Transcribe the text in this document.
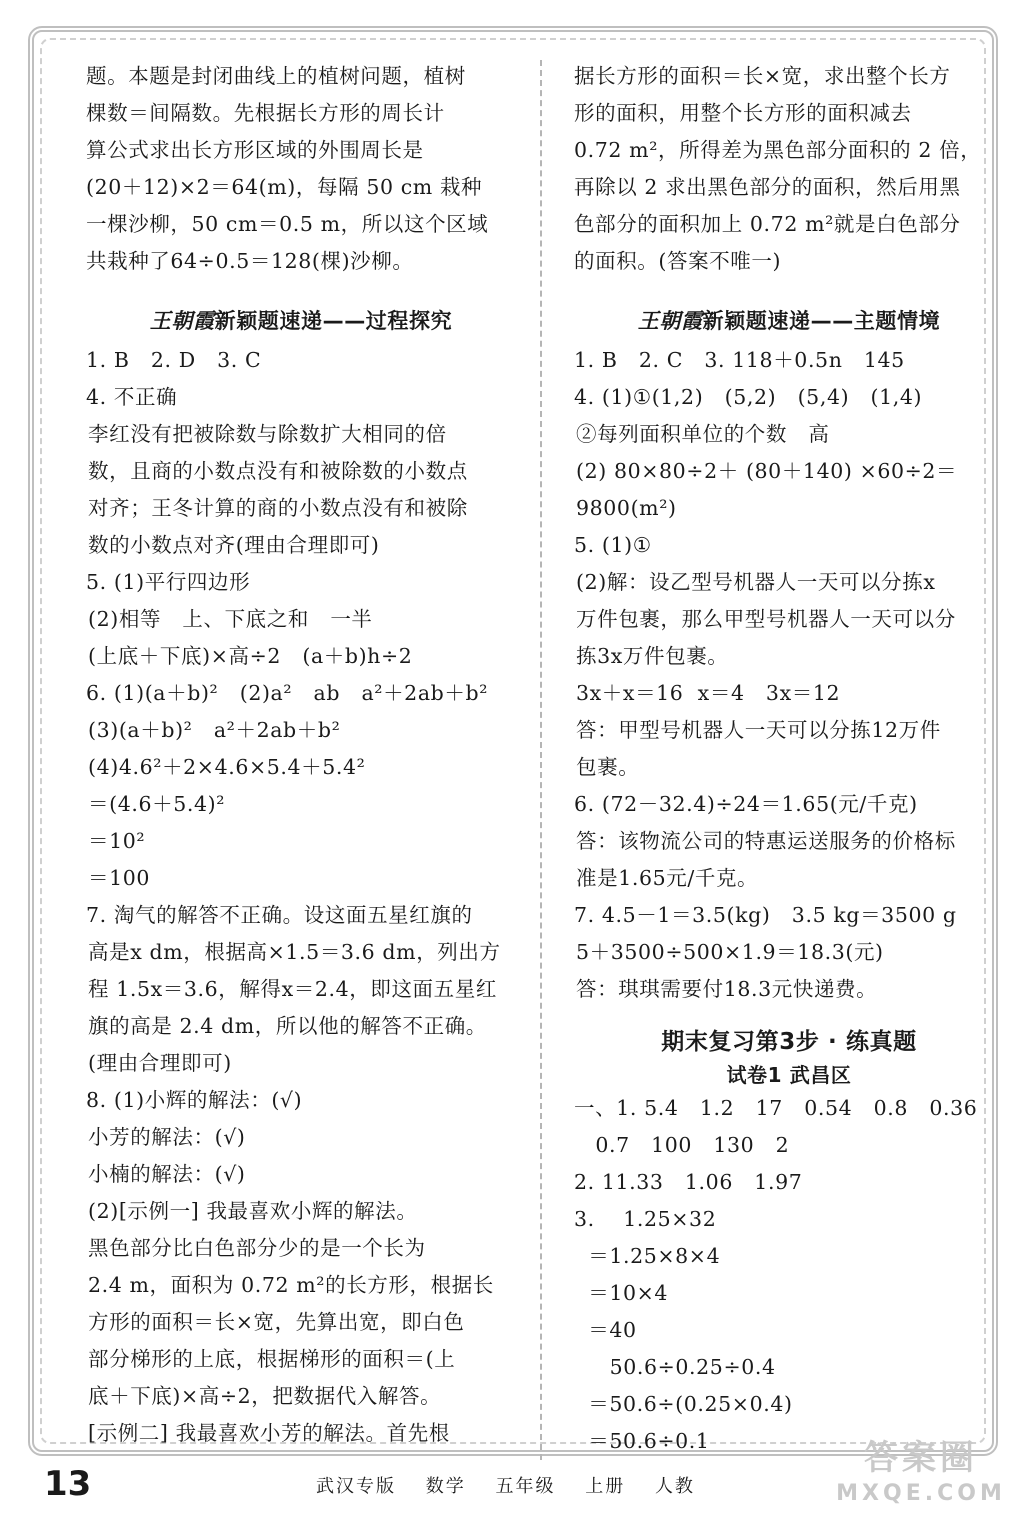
题。本题是封闭曲线上的植树问题，植树
棵数＝间隔数。先根据长方形的周长计
算公式求出长方形区域的外围周长是
(20＋12)×2＝64(m)，每隔 50 cm 栽种
一棵沙柳，50 cm＝0.5 m，所以这个区域
共栽种了64÷0.5＝128(棵)沙柳。
王朝霞新颖题速递——过程探究
1. B   2. D   3. C
4. 不正确
李红没有把被除数与除数扩大相同的倍
数，且商的小数点没有和被除数的小数点
对齐；王冬计算的商的小数点没有和被除
数的小数点对齐(理由合理即可)
5. (1)平行四边形
(2)相等   上、下底之和   一半
(上底＋下底)×高÷2   (a＋b)h÷2
6. (1)(a＋b)²   (2)a²   ab   a²＋2ab＋b²
(3)(a＋b)²   a²＋2ab＋b²
(4)4.6²＋2×4.6×5.4＋5.4²
＝(4.6＋5.4)²
＝10²
＝100
7. 淘气的解答不正确。设这面五星红旗的
高是x dm，根据高×1.5＝3.6 dm，列出方
程 1.5x＝3.6，解得x＝2.4，即这面五星红
旗的高是 2.4 dm，所以他的解答不正确。
(理由合理即可)
8. (1)小辉的解法：(√)
小芳的解法：(√)
小楠的解法：(√)
(2)[示例一] 我最喜欢小辉的解法。
黑色部分比白色部分少的是一个长为
2.4 m，面积为 0.72 m²的长方形，根据长
方形的面积＝长×宽，先算出宽，即白色
部分梯形的上底，根据梯形的面积＝(上
底＋下底)×高÷2，把数据代入解答。
[示例二] 我最喜欢小芳的解法。首先根
据长方形的面积＝长×宽，求出整个长方
形的面积，用整个长方形的面积减去
0.72 m²，所得差为黑色部分面积的 2 倍，
再除以 2 求出黑色部分的面积，然后用黑
色部分的面积加上 0.72 m²就是白色部分
的面积。(答案不唯一)
王朝霞新颖题速递——主题情境
1. B   2. C   3. 118＋0.5n   145
4. (1)①(1,2)   (5,2)   (5,4)   (1,4)
②每列面积单位的个数   高
(2) 80×80÷2＋ (80＋140) ×60÷2＝
9800(m²)
5. (1)①
(2)解：设乙型号机器人一天可以分拣x
万件包裹，那么甲型号机器人一天可以分
拣3x万件包裹。
3x＋x＝16  x＝4   3x＝12
答：甲型号机器人一天可以分拣12万件
包裹。
6. (72－32.4)÷24＝1.65(元/千克)
答：该物流公司的特惠运送服务的价格标
准是1.65元/千克。
7. 4.5－1＝3.5(kg)   3.5 kg＝3500 g
5＋3500÷500×1.9＝18.3(元)
答：琪琪需要付18.3元快递费。
期末复习第3步 · 练真题
试卷1 武昌区
一、1. 5.4   1.2   17   0.54   0.8   0.36
0.7   100   130   2
2. 11.33   1.06   1.97
3.    1.25×32
＝1.25×8×4
＝10×4
＝40
50.6÷0.25÷0.4
＝50.6÷(0.25×0.4)
＝50.6÷0.1
13	武汉专版 数学 五年级 上册 人教
答案圈
MXQE.COM
